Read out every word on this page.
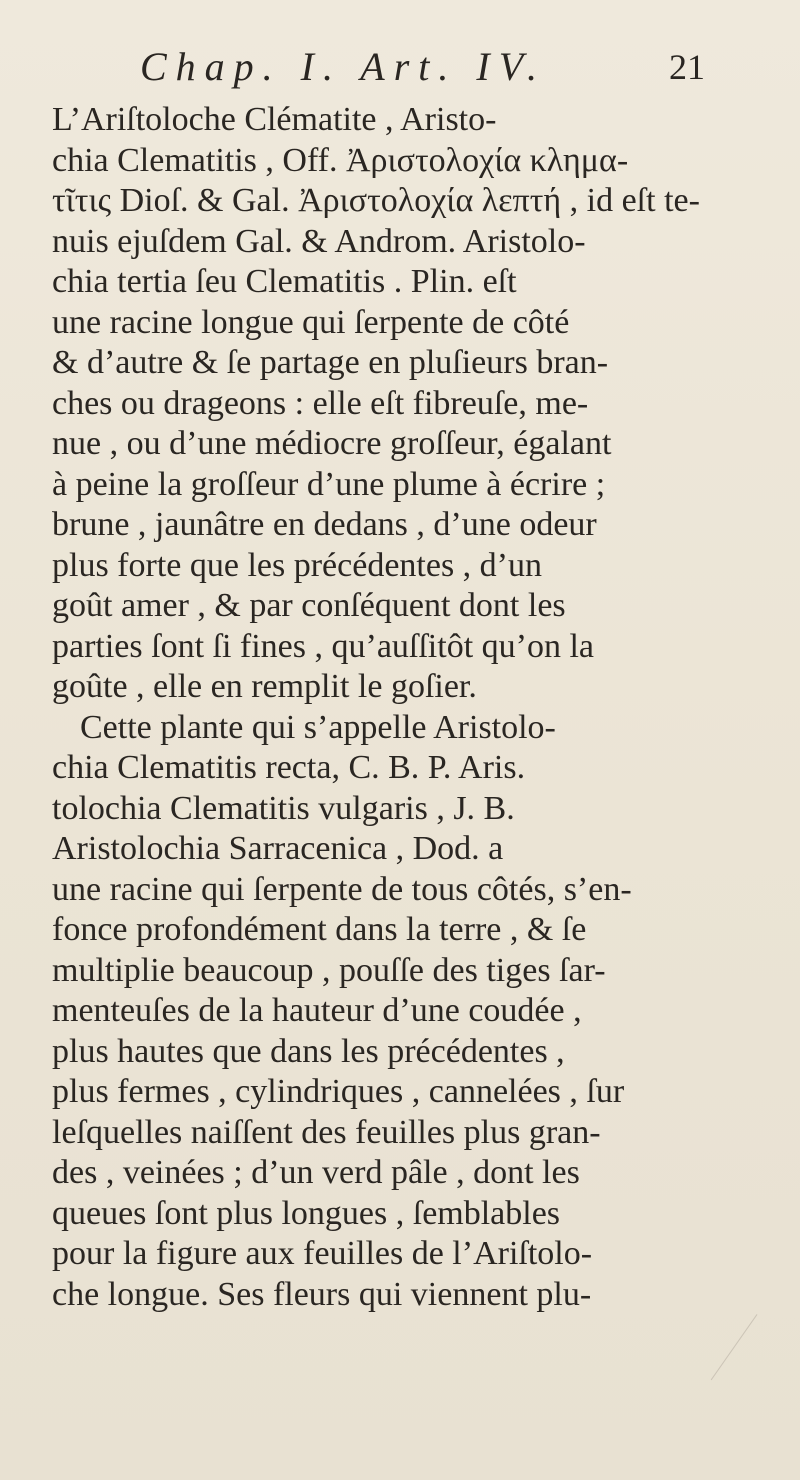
Chap. I. Art. IV.	21
L’Ariſtoloche Clématite , Aristo-
chia Clematitis , Off. Ἀριστολοχία κλημα-
τῖτις Dioſ. & Gal. Ἀριστολοχία λεπτή , id eſt te-
nuis ejuſdem Gal. & Androm. Aristolo-
chia tertia ſeu Clematitis . Plin. eſt
une racine longue qui ſerpente de côté
& d’autre & ſe partage en pluſieurs bran-
ches ou drageons : elle eſt fibreuſe, me-
nue , ou d’une médiocre groſſeur, égalant
à peine la groſſeur d’une plume à écrire ;
brune , jaunâtre en dedans , d’une odeur
plus forte que les précédentes , d’un
goût amer , & par conſéquent dont les
parties ſont ſi fines , qu’auſſitôt qu’on la
goûte , elle en remplit le goſier.
Cette plante qui s’appelle Aristolo-
chia Clematitis recta, C. B. P. Aris.
tolochia Clematitis vulgaris , J. B.
Aristolochia Sarracenica , Dod. a
une racine qui ſerpente de tous côtés, s’en-
fonce profondément dans la terre , & ſe
multiplie beaucoup , pouſſe des tiges ſar-
menteuſes de la hauteur d’une coudée ,
plus hautes que dans les précédentes ,
plus fermes , cylindriques , cannelées , ſur
leſquelles naiſſent des feuilles plus gran-
des , veinées ; d’un verd pâle , dont les
queues ſont plus longues , ſemblables
pour la figure aux feuilles de l’Ariſtolo-
che longue. Ses fleurs qui viennent plu-
